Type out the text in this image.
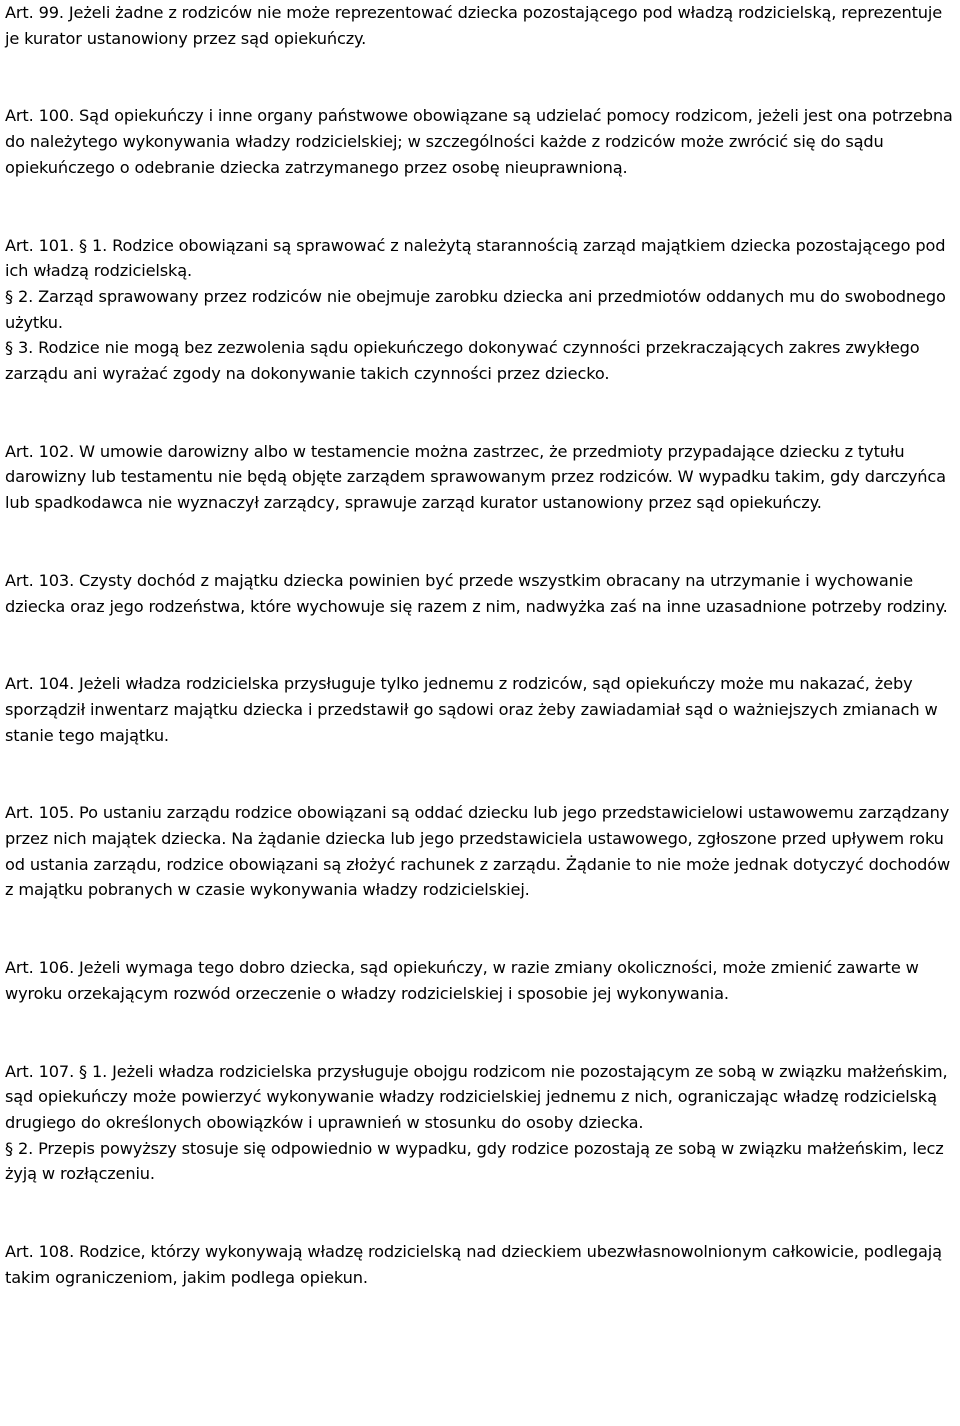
Art. 99. Jeżeli żadne z rodziców nie może reprezentować dziecka pozostającego pod władzą rodzicielską, reprezentuje je kurator ustanowiony przez sąd opiekuńczy.

Art. 100. Sąd opiekuńczy i inne organy państwowe obowiązane są udzielać pomocy rodzicom, jeżeli jest ona potrzebna do należytego wykonywania władzy rodzicielskiej; w szczególności każde z rodziców może zwrócić się do sądu opiekuńczego o odebranie dziecka zatrzymanego przez osobę nieuprawnioną.

Art. 101. § 1. Rodzice obowiązani są sprawować z należytą starannością zarząd majątkiem dziecka pozostającego pod ich władzą rodzicielską.

§ 2. Zarząd sprawowany przez rodziców nie obejmuje zarobku dziecka ani przedmiotów oddanych mu do swobodnego użytku.

§ 3. Rodzice nie mogą bez zezwolenia sądu opiekuńczego dokonywać czynności przekraczających zakres zwykłego zarządu ani wyrażać zgody na dokonywanie takich czynności przez dziecko.

Art. 102. W umowie darowizny albo w testamencie można zastrzec, że przedmioty przypadające dziecku z tytułu darowizny lub testamentu nie będą objęte zarządem sprawowanym przez rodziców. W wypadku takim, gdy darczyńca lub spadkodawca nie wyznaczył zarządcy, sprawuje zarząd kurator ustanowiony przez sąd opiekuńczy.

Art. 103. Czysty dochód z majątku dziecka powinien być przede wszystkim obracany na utrzymanie i wychowanie dziecka oraz jego rodzeństwa, które wychowuje się razem z nim, nadwyżka zaś na inne uzasadnione potrzeby rodziny.

Art. 104. Jeżeli władza rodzicielska przysługuje tylko jednemu z rodziców, sąd opiekuńczy może mu nakazać, żeby sporządził inwentarz majątku dziecka i przedstawił go sądowi oraz żeby zawiadamiał sąd o ważniejszych zmianach w stanie tego majątku.

Art. 105. Po ustaniu zarządu rodzice obowiązani są oddać dziecku lub jego przedstawicielowi ustawowemu zarządzany przez nich majątek dziecka. Na żądanie dziecka lub jego przedstawiciela ustawowego, zgłoszone przed upływem roku od ustania zarządu, rodzice obowiązani są złożyć rachunek z zarządu. Żądanie to nie może jednak dotyczyć dochodów z majątku pobranych w czasie wykonywania władzy rodzicielskiej.

Art. 106. Jeżeli wymaga tego dobro dziecka, sąd opiekuńczy, w razie zmiany okoliczności, może zmienić zawarte w wyroku orzekającym rozwód orzeczenie o władzy rodzicielskiej i sposobie jej wykonywania.

Art. 107. § 1. Jeżeli władza rodzicielska przysługuje obojgu rodzicom nie pozostającym ze sobą w związku małżeńskim, sąd opiekuńczy może powierzyć wykonywanie władzy rodzicielskiej jednemu z nich, ograniczając władzę rodzicielską drugiego do określonych obowiązków i uprawnień w stosunku do osoby dziecka.

§ 2. Przepis powyższy stosuje się odpowiednio w wypadku, gdy rodzice pozostają ze sobą w związku małżeńskim, lecz żyją w rozłączeniu.

Art. 108. Rodzice, którzy wykonywają władzę rodzicielską nad dzieckiem ubezwłasnowolnionym całkowicie, podlegają takim ograniczeniom, jakim podlega opiekun.
